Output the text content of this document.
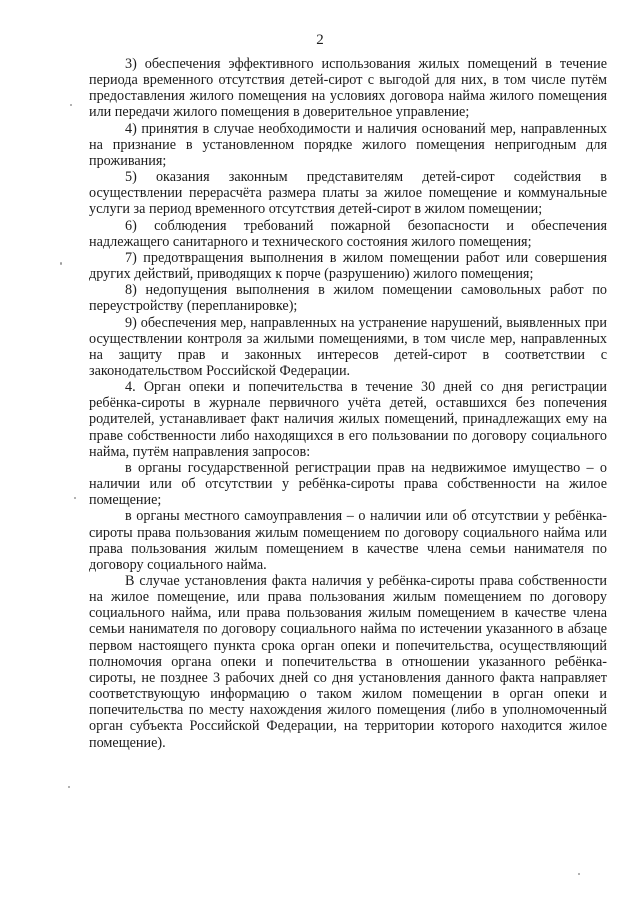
2

3) обеспечения эффективного использования жилых помещений в течение периода временного отсутствия детей-сирот с выгодой для них, в том числе путём предоставления жилого помещения на условиях договора найма жилого помещения или передачи жилого помещения в доверительное управление;

4) принятия в случае необходимости и наличия оснований мер, направленных на признание в установленном порядке жилого помещения непригодным для проживания;

5) оказания законным представителям детей-сирот содействия в осуществлении перерасчёта размера платы за жилое помещение и коммунальные услуги за период временного отсутствия детей-сирот в жилом помещении;

6) соблюдения требований пожарной безопасности и обеспечения надлежащего санитарного и технического состояния жилого помещения;

7) предотвращения выполнения в жилом помещении работ или совершения других действий, приводящих к порче (разрушению) жилого помещения;

8) недопущения выполнения в жилом помещении самовольных работ по переустройству (перепланировке);

9) обеспечения мер, направленных на устранение нарушений, выявленных при осуществлении контроля за жилыми помещениями, в том числе мер, направленных на защиту прав и законных интересов детей-сирот в соответствии с законодательством Российской Федерации.

4. Орган опеки и попечительства в течение 30 дней со дня регистрации ребёнка-сироты в журнале первичного учёта детей, оставшихся без попечения родителей, устанавливает факт наличия жилых помещений, принадлежащих ему на праве собственности либо находящихся в его пользовании по договору социального найма, путём направления запросов:

в органы государственной регистрации прав на недвижимое имущество – о наличии или об отсутствии у ребёнка-сироты права собственности на жилое помещение;

в органы местного самоуправления – о наличии или об отсутствии у ребёнка-сироты права пользования жилым помещением по договору социального найма или права пользования жилым помещением в качестве члена семьи нанимателя по договору социального найма.

В случае установления факта наличия у ребёнка-сироты права собственности на жилое помещение, или права пользования жилым помещением по договору социального найма, или права пользования жилым помещением в качестве члена семьи нанимателя по договору социального найма по истечении указанного в абзаце первом настоящего пункта срока орган опеки и попечительства, осуществляющий полномочия органа опеки и попечительства в отношении указанного ребёнка-сироты, не позднее 3 рабочих дней со дня установления данного факта направляет соответствующую информацию о таком жилом помещении в орган опеки и попечительства по месту нахождения жилого помещения (либо в уполномоченный орган субъекта Российской Федерации, на территории которого находится жилое помещение).
